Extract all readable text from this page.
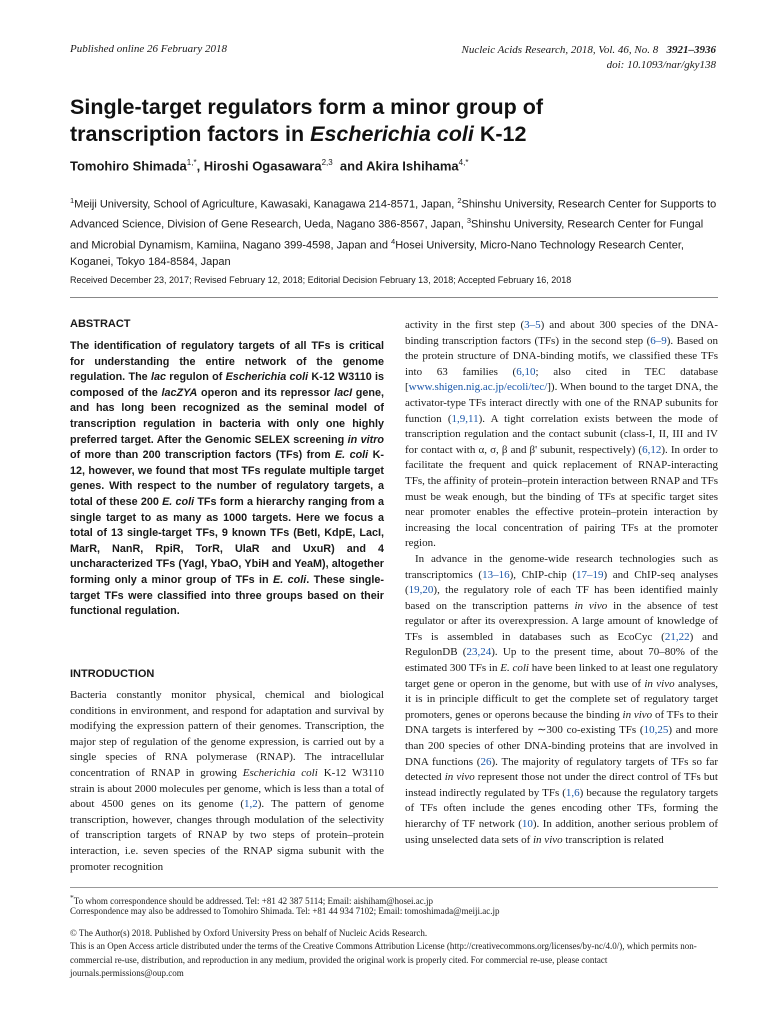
Published online 26 February 2018	Nucleic Acids Research, 2018, Vol. 46, No. 8 3921–3936
doi: 10.1093/nar/gky138
Single-target regulators form a minor group of
transcription factors in Escherichia coli K-12
Tomohiro Shimada$^{1,*}$, Hiroshi Ogasawara$^{2,3}$  and Akira Ishihama$^{4,*}$

$^1$Meiji University, School of Agriculture, Kawasaki, Kanagawa 214-8571, Japan, $^2$Shinshu University, Research Center for Supports to Advanced Science, Division of Gene Research, Ueda, Nagano 386-8567, Japan, $^3$Shinshu University, Research Center for Fungal and Microbial Dynamism, Kamiina, Nagano 399-4598, Japan and $^4$Hosei University, Micro-Nano Technology Research Center, Koganei, Tokyo 184-8584, Japan

Received December 23, 2017; Revised February 12, 2018; Editorial Decision February 13, 2018; Accepted February 16, 2018
ABSTRACT

The identification of regulatory targets of all TFs is critical for understanding the entire network of the genome regulation. The lac regulon of Escherichia coli K-12 W3110 is composed of the lacZYA operon and its repressor lacI gene, and has long been recognized as the seminal model of transcription regulation in bacteria with only one highly preferred target. After the Genomic SELEX screening in vitro of more than 200 transcription factors (TFs) from E. coli K-12, however, we found that most TFs regulate multiple target genes. With respect to the number of regulatory targets, a total of these 200 E. coli TFs form a hierarchy ranging from a single target to as many as 1000 targets. Here we focus a total of 13 single-target TFs, 9 known TFs (BetI, KdpE, LacI, MarR, NanR, RpiR, TorR, UlaR and UxuR) and 4 uncharacterized TFs (YagI, YbaO, YbiH and YeaM), altogether forming only a minor group of TFs in E. coli. These single-target TFs were classified into three groups based on their functional regulation.

INTRODUCTION

Bacteria constantly monitor physical, chemical and biological conditions in environment, and respond for adaptation and survival by modifying the expression pattern of their genomes. Transcription, the major step of regulation of the genome expression, is carried out by a single species of RNA polymerase (RNAP). The intracellular concentration of RNAP in growing Escherichia coli K-12 W3110 strain is about 2000 molecules per genome, which is less than a total of about 4500 genes on its genome (1,2). The pattern of genome transcription, however, changes through modulation of the selectivity of transcription targets of RNAP by two steps of protein–protein interaction, i.e. seven species of the RNAP sigma subunit with the promoter recognition

activity in the first step (3–5) and about 300 species of the DNA-binding transcription factors (TFs) in the second step (6–9). Based on the protein structure of DNA-binding motifs, we classified these TFs into 63 families (6,10; also cited in TEC database [www.shigen.nig.ac.jp/ecoli/tec/]). When bound to the target DNA, the activator-type TFs interact directly with one of the RNAP subunits for function (1,9,11). A tight correlation exists between the mode of transcription regulation and the contact subunit (class-I, II, III and IV for contact with α, σ, β and β' subunit, respectively) (6,12). In order to facilitate the frequent and quick replacement of RNAP-interacting TFs, the affinity of protein–protein interaction between RNAP and TFs must be weak enough, but the binding of TFs at specific target sites near promoter enables the effective protein–protein interaction by increasing the local concentration of pairing TFs at the promoter region.

In advance in the genome-wide research technologies such as transcriptomics (13–16), ChIP-chip (17–19) and ChIP-seq analyses (19,20), the regulatory role of each TF has been identified mainly based on the transcription patterns in vivo in the absence of test regulator or after its overexpression. A large amount of knowledge of TFs is assembled in databases such as EcoCyc (21,22) and RegulonDB (23,24). Up to the present time, about 70–80% of the estimated 300 TFs in E. coli have been linked to at least one regulatory target gene or operon in the genome, but with use of in vivo analyses, it is in principle difficult to get the complete set of regulatory target promoters, genes or operons because the binding in vivo of TFs to their DNA targets is interfered by ∼300 co-existing TFs (10,25) and more than 200 species of other DNA-binding proteins that are involved in DNA functions (26). The majority of regulatory targets of TFs so far detected in vivo represent those not under the direct control of TFs but instead indirectly regulated by TFs (1,6) because the regulatory targets of TFs often include the genes encoding other TFs, forming the hierarchy of TF network (10). In addition, another serious problem of using unselected data sets of in vivo transcription is related

*To whom correspondence should be addressed. Tel: +81 42 387 5114; Email: aishiham@hosei.ac.jp

Correspondence may also be addressed to Tomohiro Shimada. Tel: +81 44 934 7102; Email: tomoshimada@meiji.ac.jp

© The Author(s) 2018. Published by Oxford University Press on behalf of Nucleic Acids Research.
This is an Open Access article distributed under the terms of the Creative Commons Attribution License (http://creativecommons.org/licenses/by-nc/4.0/), which permits non-commercial re-use, distribution, and reproduction in any medium, provided the original work is properly cited. For commercial re-use, please contact journals.permissions@oup.com
